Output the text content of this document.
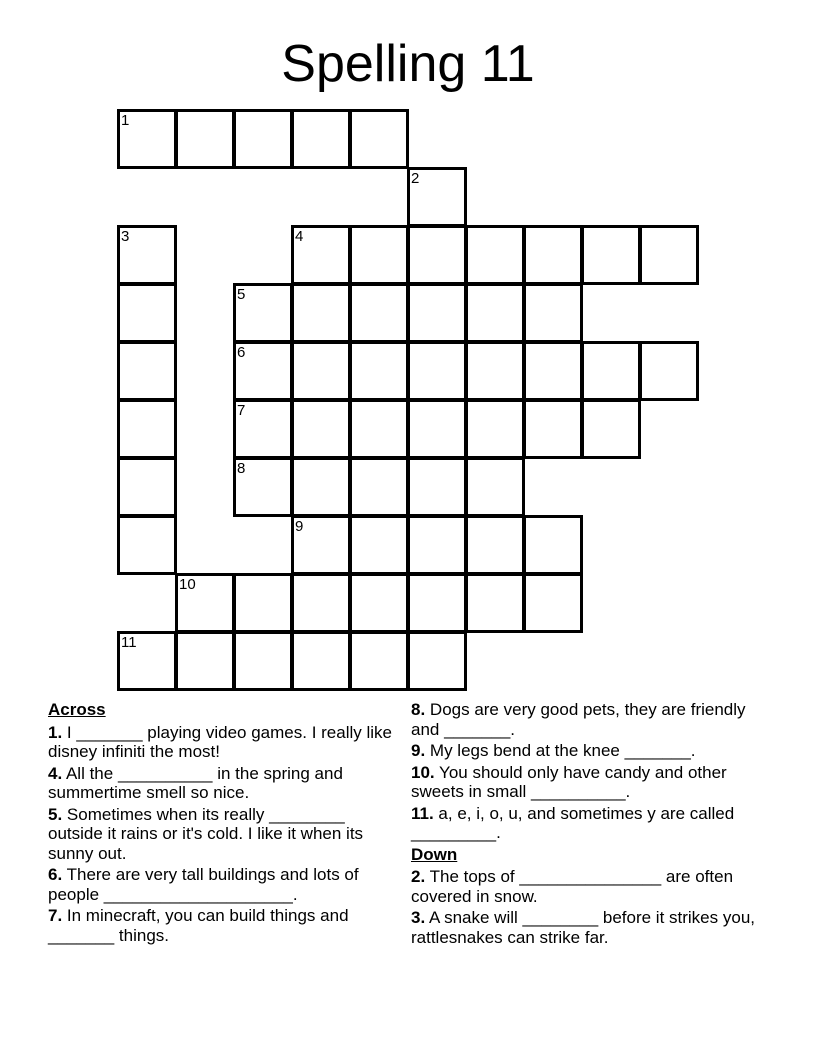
Spelling 11
1
2
3	4
5
6
7
8
9
10
11
Across
1. I _______ playing video games. I really like disney infiniti the most!
4. All the __________ in the spring and summertime smell so nice.
5. Sometimes when its really ________ outside it rains or it's cold. I like it when its sunny out.
6. There are very tall buildings and lots of people ____________________.
7. In minecraft, you can build things and _______ things.
8. Dogs are very good pets, they are friendly and _______.
9. My legs bend at the knee _______.
10. You should only have candy and other sweets in small __________.
11. a, e, i, o, u, and sometimes y are called _________.
Down
2. The tops of _______________ are often covered in snow.
3. A snake will ________ before it strikes you, rattlesnakes can strike far.
